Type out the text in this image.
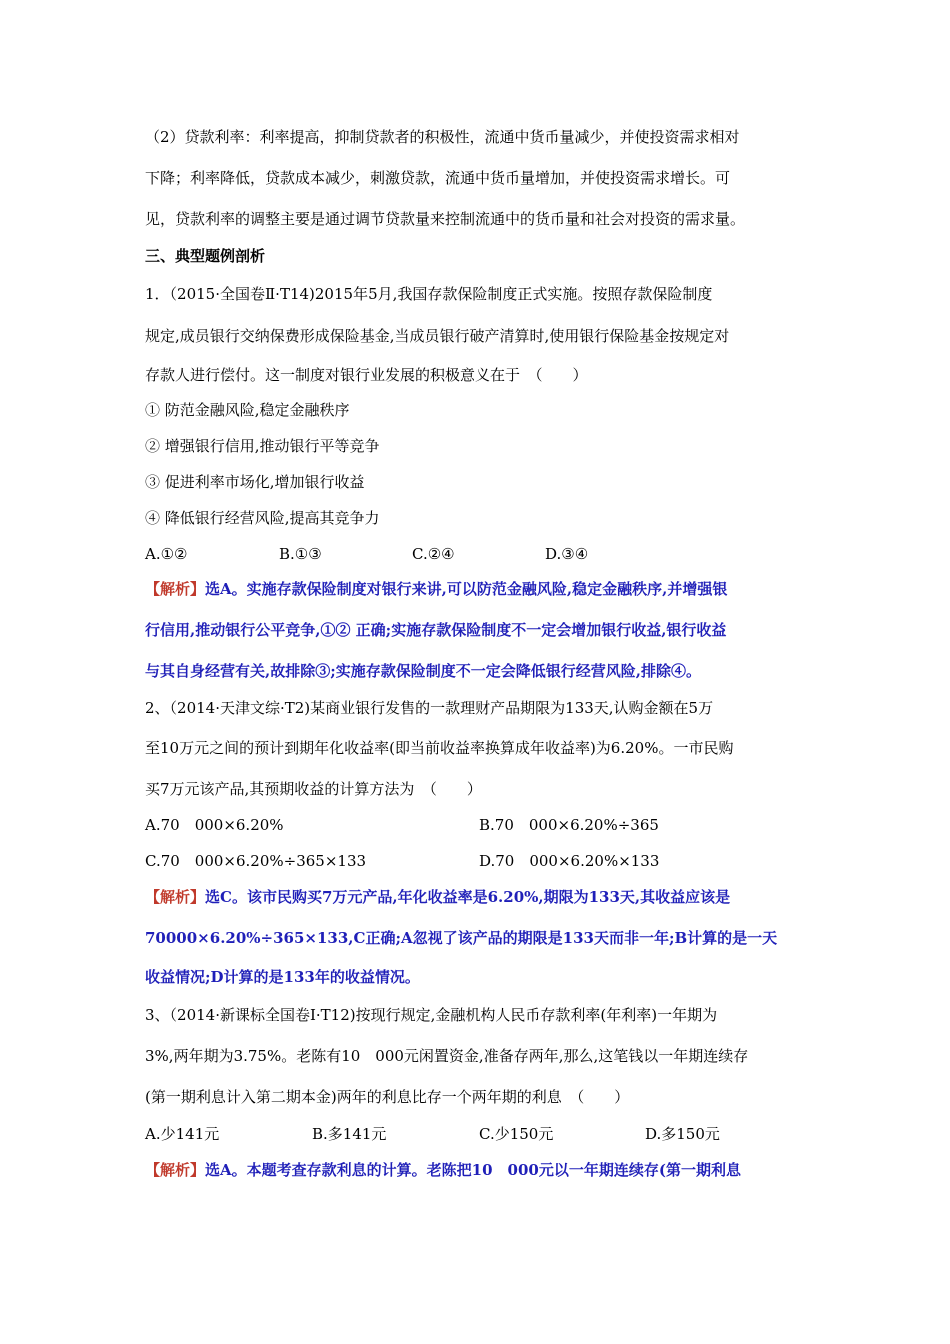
（2）贷款利率：利率提高，抑制贷款者的积极性，流通中货币量减少，并使投资需求相对
下降；利率降低，贷款成本减少，刺激贷款，流通中货币量增加，并使投资需求增长。可
见，贷款利率的调整主要是通过调节贷款量来控制流通中的货币量和社会对投资的需求量。
三、典型题例剖析
1．（2015·全国卷Ⅱ·T14)2015年5月,我国存款保险制度正式实施。按照存款保险制度
规定,成员银行交纳保费形成保险基金,当成员银行破产清算时,使用银行保险基金按规定对
存款人进行偿付。这一制度对银行业发展的积极意义在于　（　　）
① 防范金融风险,稳定金融秩序
② 增强银行信用,推动银行平等竞争
③ 促进利率市场化,增加银行收益
④ 降低银行经营风险,提高其竞争力
A.①②	B.①③	C.②④	D.③④
【解析】选A。实施存款保险制度对银行来讲,可以防范金融风险,稳定金融秩序,并增强银
行信用,推动银行公平竞争,①② 正确;实施存款保险制度不一定会增加银行收益,银行收益
与其自身经营有关,故排除③;实施存款保险制度不一定会降低银行经营风险,排除④。
2、（2014·天津文综·T2)某商业银行发售的一款理财产品期限为133天,认购金额在5万
至10万元之间的预计到期年化收益率(即当前收益率换算成年收益率)为6.20%。一市民购
买7万元该产品,其预期收益的计算方法为　（　　）
A.70　000×6.20%	B.70　000×6.20%÷365
C.70　000×6.20%÷365×133	D.70　000×6.20%×133
【解析】选C。该市民购买7万元产品,年化收益率是6.20%,期限为133天,其收益应该是
70000×6.20%÷365×133,C正确;A忽视了该产品的期限是133天而非一年;B计算的是一天
收益情况;D计算的是133年的收益情况。
3、（2014·新课标全国卷Ⅰ·T12)按现行规定,金融机构人民币存款利率(年利率)一年期为
3%,两年期为3.75%。老陈有10　000元闲置资金,准备存两年,那么,这笔钱以一年期连续存
(第一期利息计入第二期本金)两年的利息比存一个两年期的利息　（　　）
A.少141元	B.多141元	C.少150元	D.多150元
【解析】选A。本题考查存款利息的计算。老陈把10　000元以一年期连续存(第一期利息
